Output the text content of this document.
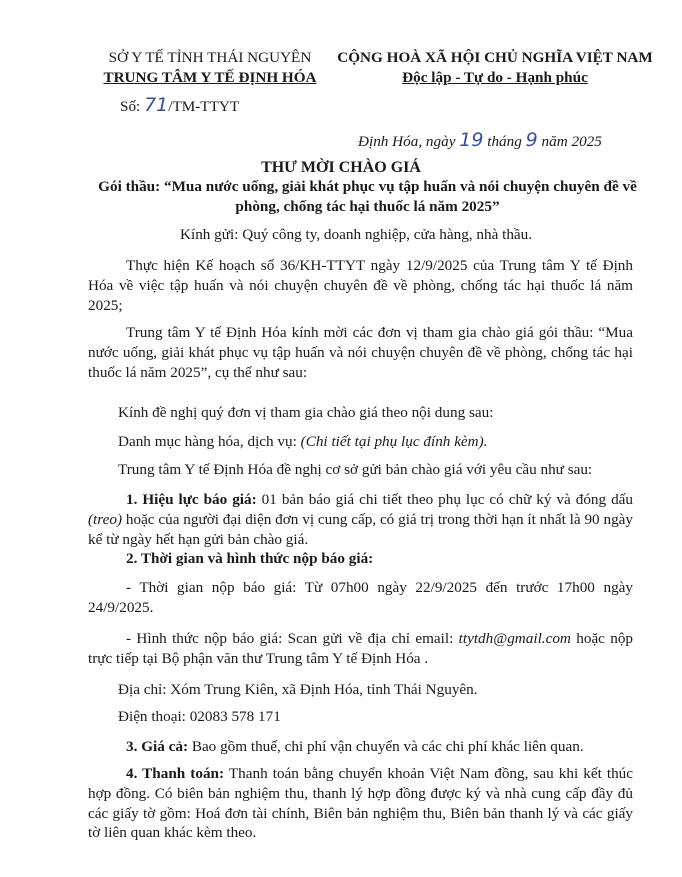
SỞ Y TẾ TỈNH THÁI NGUYÊN
TRUNG TÂM Y TẾ ĐỊNH HÓA
Số: 71/TM-TTYT
CỘNG HOÀ XÃ HỘI CHỦ NGHĨA VIỆT NAM
Độc lập - Tự do - Hạnh phúc
Định Hóa, ngày 19 tháng 9 năm 2025
THƯ MỜI CHÀO GIÁ
Gói thầu: “Mua nước uống, giải khát phục vụ tập huấn và nói chuyện chuyên đề về phòng, chống tác hại thuốc lá năm 2025”
Kính gửi: Quý công ty, doanh nghiệp, cửa hàng, nhà thầu.
Thực hiện Kế hoạch số 36/KH-TTYT ngày 12/9/2025 của Trung tâm Y tế Định Hóa về việc tập huấn và nói chuyện chuyên đề về phòng, chống tác hại thuốc lá năm 2025;
Trung tâm Y tế Định Hóa kính mời các đơn vị tham gia chào giá gói thầu: “Mua nước uống, giải khát phục vụ tập huấn và nói chuyện chuyên đề về phòng, chống tác hại thuốc lá năm 2025”, cụ thể như sau:
Kính đề nghị quý đơn vị tham gia chào giá theo nội dung sau:
Danh mục hàng hóa, dịch vụ: (Chi tiết tại phụ lục đính kèm).
Trung tâm Y tế Định Hóa đề nghị cơ sở gửi bản chào giá với yêu cầu như sau:
1. Hiệu lực báo giá: 01 bản báo giá chi tiết theo phụ lục có chữ ký và đóng dấu (treo) hoặc của người đại diện đơn vị cung cấp, có giá trị trong thời hạn ít nhất là 90 ngày kể từ ngày hết hạn gửi bản chào giá.
2. Thời gian và hình thức nộp báo giá:
- Thời gian nộp báo giá: Từ 07h00 ngày 22/9/2025 đến trước 17h00 ngày 24/9/2025.
- Hình thức nộp báo giá: Scan gửi về địa chỉ email: ttytdh@gmail.com hoặc nộp trực tiếp tại Bộ phận văn thư Trung tâm Y tế Định Hóa .
Địa chỉ: Xóm Trung Kiên, xã Định Hóa, tỉnh Thái Nguyên.
Điện thoại: 02083 578 171
3. Giá cả: Bao gồm thuế, chi phí vận chuyển và các chi phí khác liên quan.
4. Thanh toán: Thanh toán bằng chuyển khoản Việt Nam đồng, sau khi kết thúc hợp đồng. Có biên bản nghiệm thu, thanh lý hợp đồng được ký và nhà cung cấp đầy đủ các giấy tờ gồm: Hoá đơn tài chính, Biên bản nghiệm thu, Biên bản thanh lý và các giấy tờ liên quan khác kèm theo.
